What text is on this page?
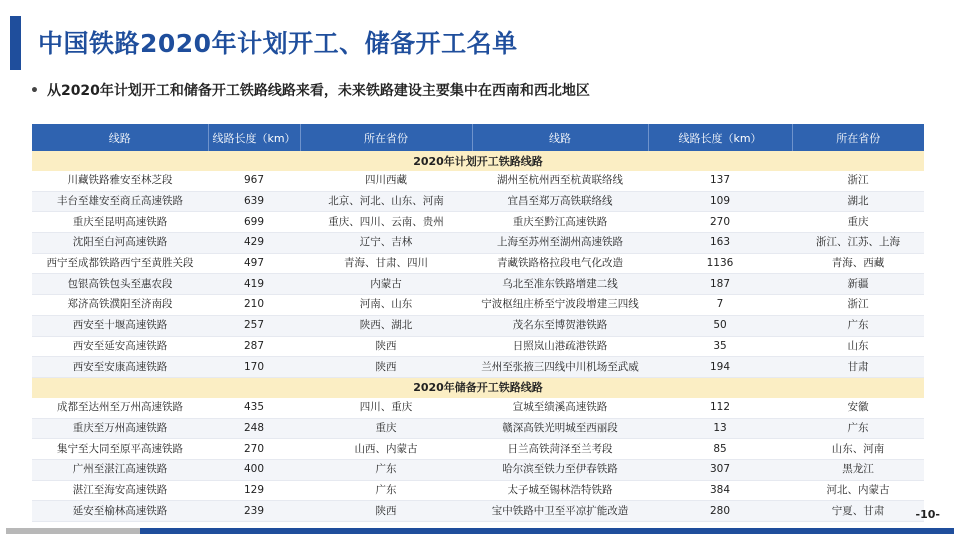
中国铁路2020年计划开工、储备开工名单
• 从2020年计划开工和储备开工铁路线路来看，未来铁路建设主要集中在西南和西北地区
线路	线路长度（km）	所在省份	线路	线路长度（km）	所在省份
2020年计划开工铁路线路					
川藏铁路雅安至林芝段	967	四川西藏	湖州至杭州西至杭黄联络线	137	浙江
丰台至雄安至商丘高速铁路	639	北京、河北、山东、河南	宜昌至郑万高铁联络线	109	湖北
重庆至昆明高速铁路	699	重庆、四川、云南、贵州	重庆至黔江高速铁路	270	重庆
沈阳至白河高速铁路	429	辽宁、吉林	上海至苏州至湖州高速铁路	163	浙江、江苏、上海
西宁至成都铁路西宁至黄胜关段	497	青海、甘肃、四川	青藏铁路格拉段电气化改造	1136	青海、西藏
包银高铁包头至惠农段	419	内蒙古	乌北至准东铁路增建二线	187	新疆
郑济高铁濮阳至济南段	210	河南、山东	宁波枢纽庄桥至宁波段增建三四线	7	浙江
西安至十堰高速铁路	257	陕西、湖北	茂名东至博贺港铁路	50	广东
西安至延安高速铁路	287	陕西	日照岚山港疏港铁路	35	山东
西安至安康高速铁路	170	陕西	兰州至张掖三四线中川机场至武威	194	甘肃
2020年储备开工铁路线路					
成都至达州至万州高速铁路	435	四川、重庆	宣城至绩溪高速铁路	112	安徽
重庆至万州高速铁路	248	重庆	赣深高铁光明城至西丽段	13	广东
集宁至大同至原平高速铁路	270	山西、内蒙古	日兰高铁菏泽至兰考段	85	山东、河南
广州至湛江高速铁路	400	广东	哈尔滨至铁力至伊春铁路	307	黑龙江
湛江至海安高速铁路	129	广东	太子城至锡林浩特铁路	384	河北、内蒙古
延安至榆林高速铁路	239	陕西	宝中铁路中卫至平凉扩能改造	280	宁夏、甘肃	-10-
